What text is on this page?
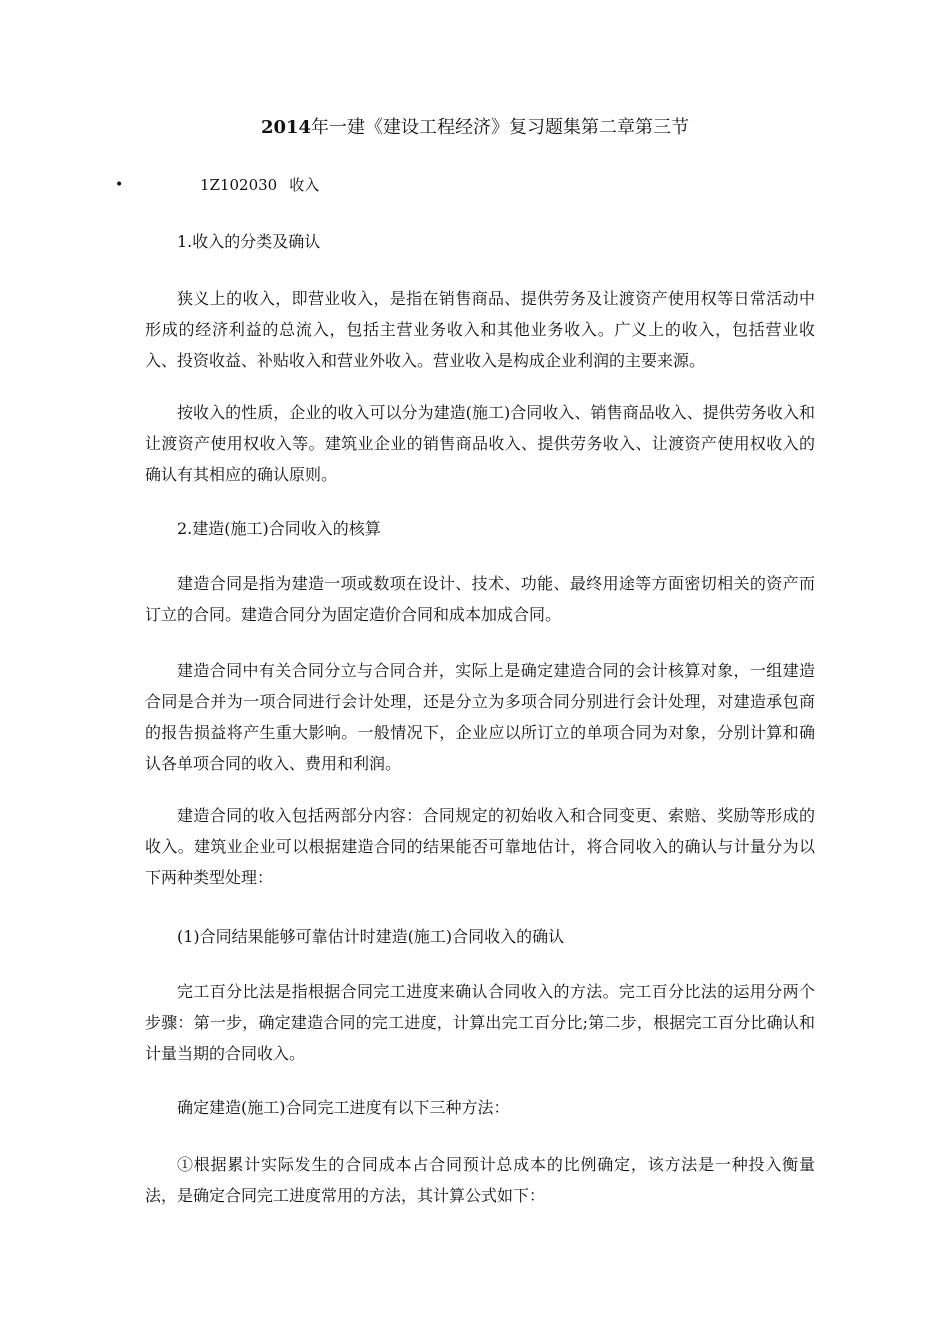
2014年一建《建设工程经济》复习题集第二章第三节
•	1Z102030 收入

1.收入的分类及确认

狭义上的收入，即营业收入，是指在销售商品、提供劳务及让渡资产使用权等日常活动中形成的经济利益的总流入，包括主营业务收入和其他业务收入。广义上的收入，包括营业收入、投资收益、补贴收入和营业外收入。营业收入是构成企业利润的主要来源。

按收入的性质，企业的收入可以分为建造(施工)合同收入、销售商品收入、提供劳务收入和让渡资产使用权收入等。建筑业企业的销售商品收入、提供劳务收入、让渡资产使用权收入的确认有其相应的确认原则。

2.建造(施工)合同收入的核算

建造合同是指为建造一项或数项在设计、技术、功能、最终用途等方面密切相关的资产而订立的合同。建造合同分为固定造价合同和成本加成合同。

建造合同中有关合同分立与合同合并，实际上是确定建造合同的会计核算对象，一组建造合同是合并为一项合同进行会计处理，还是分立为多项合同分别进行会计处理，对建造承包商的报告损益将产生重大影响。一般情况下，企业应以所订立的单项合同为对象，分别计算和确认各单项合同的收入、费用和利润。

建造合同的收入包括两部分内容：合同规定的初始收入和合同变更、索赔、奖励等形成的收入。建筑业企业可以根据建造合同的结果能否可靠地估计，将合同收入的确认与计量分为以下两种类型处理：

(1)合同结果能够可靠估计时建造(施工)合同收入的确认

完工百分比法是指根据合同完工进度来确认合同收入的方法。完工百分比法的运用分两个步骤：第一步，确定建造合同的完工进度，计算出完工百分比;第二步，根据完工百分比确认和计量当期的合同收入。

确定建造(施工)合同完工进度有以下三种方法：

①根据累计实际发生的合同成本占合同预计总成本的比例确定，该方法是一种投入衡量法，是确定合同完工进度常用的方法，其计算公式如下：
